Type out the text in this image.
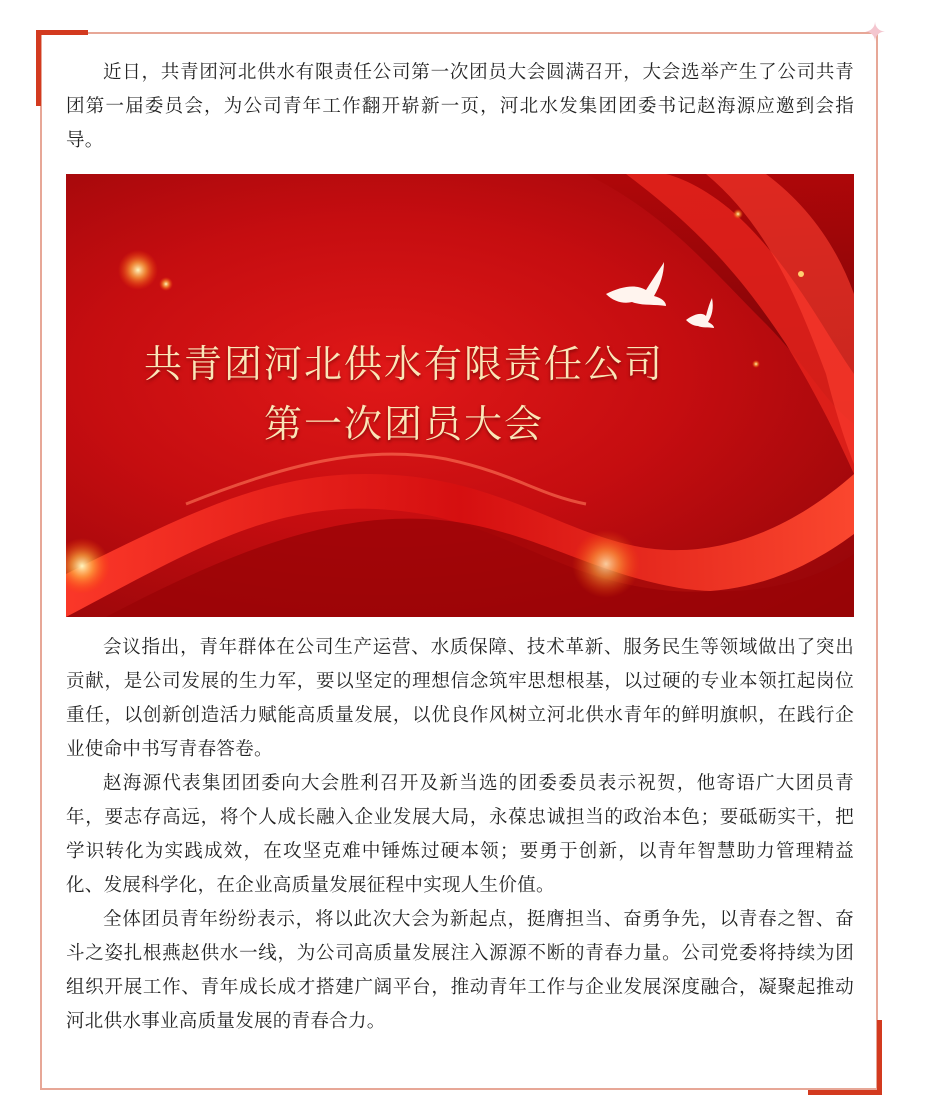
✦

近日，共青团河北供水有限责任公司第一次团员大会圆满召开，大会选举产生了公司共青团第一届委员会，为公司青年工作翻开崭新一页，河北水发集团团委书记赵海源应邀到会指导。

共青团河北供水有限责任公司
第一次团员大会

会议指出，青年群体在公司生产运营、水质保障、技术革新、服务民生等领域做出了突出贡献，是公司发展的生力军，要以坚定的理想信念筑牢思想根基，以过硬的专业本领扛起岗位重任，以创新创造活力赋能高质量发展，以优良作风树立河北供水青年的鲜明旗帜，在践行企业使命中书写青春答卷。

赵海源代表集团团委向大会胜利召开及新当选的团委委员表示祝贺，他寄语广大团员青年，要志存高远，将个人成长融入企业发展大局，永葆忠诚担当的政治本色；要砥砺实干，把学识转化为实践成效，在攻坚克难中锤炼过硬本领；要勇于创新，以青年智慧助力管理精益化、发展科学化，在企业高质量发展征程中实现人生价值。

全体团员青年纷纷表示，将以此次大会为新起点，挺膺担当、奋勇争先，以青春之智、奋斗之姿扎根燕赵供水一线，为公司高质量发展注入源源不断的青春力量。公司党委将持续为团组织开展工作、青年成长成才搭建广阔平台，推动青年工作与企业发展深度融合，凝聚起推动河北供水事业高质量发展的青春合力。
